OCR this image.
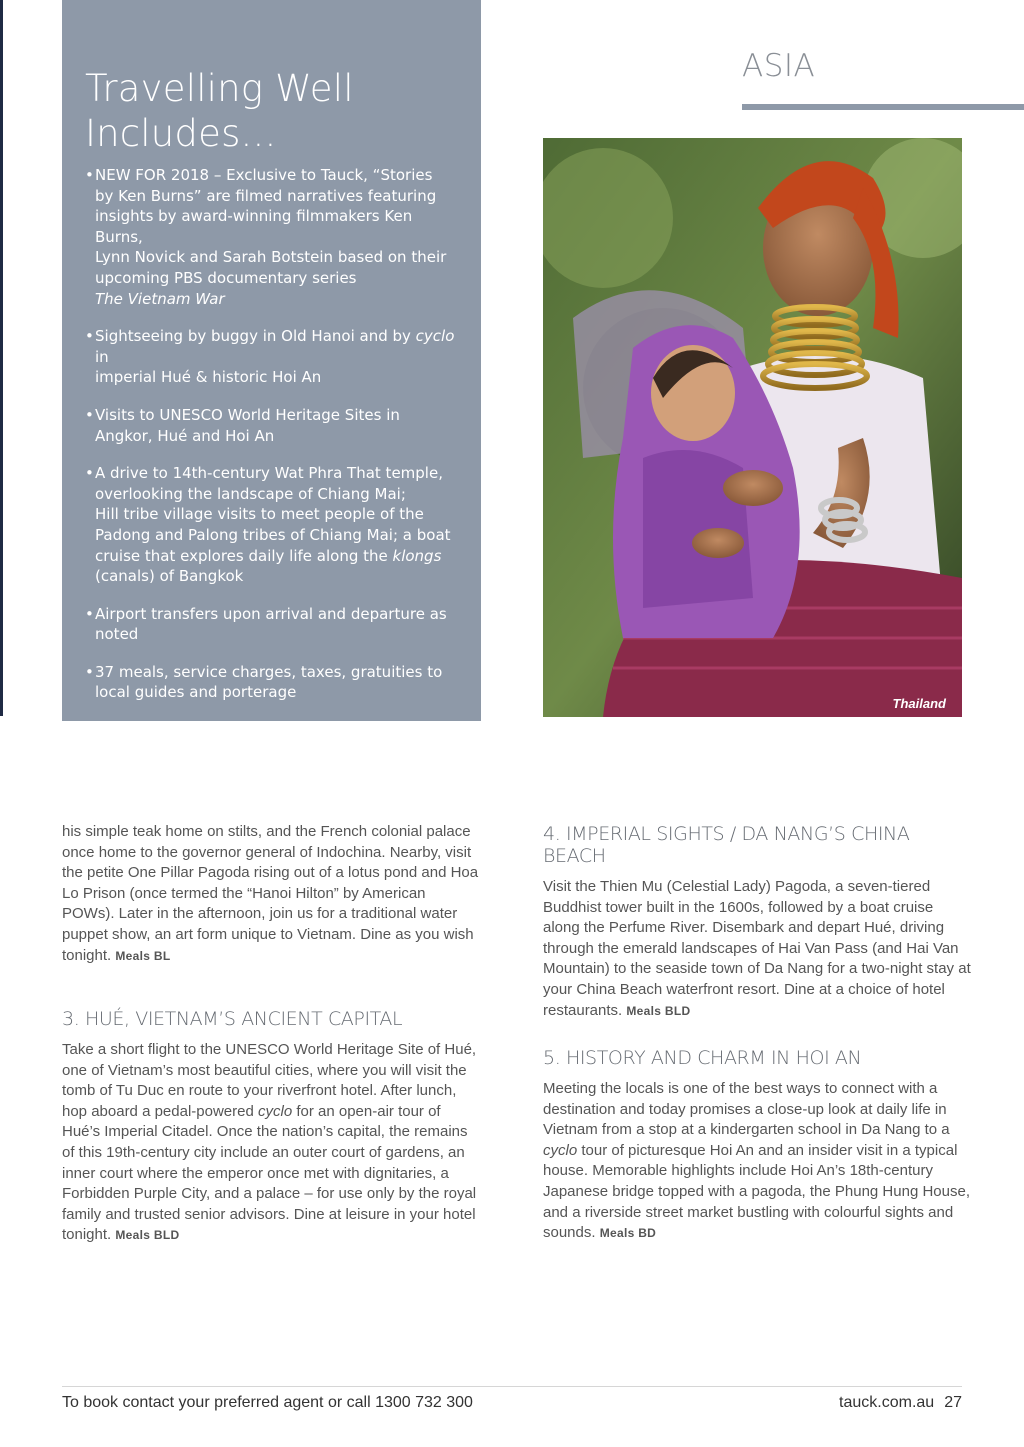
Travelling Well
Includes...
• NEW FOR 2018 – Exclusive to Tauck, “Stories
by Ken Burns” are filmed narratives featuring
insights by award-winning filmmakers Ken Burns,
Lynn Novick and Sarah Botstein based on their
upcoming PBS documentary series
The Vietnam War
• Sightseeing by buggy in Old Hanoi and by cyclo in
imperial Hué & historic Hoi An
• Visits to UNESCO World Heritage Sites in
Angkor, Hué and Hoi An
• A drive to 14th-century Wat Phra That temple,
overlooking the landscape of Chiang Mai;
Hill tribe village visits to meet people of the
Padong and Palong tribes of Chiang Mai; a boat
cruise that explores daily life along the klongs
(canals) of Bangkok
• Airport transfers upon arrival and departure as
noted
• 37 meals, service charges, taxes, gratuities to
local guides and porterage
ASIA
Thailand

his simple teak home on stilts, and the French colonial palace once home to the governor general of Indochina. Nearby, visit the petite One Pillar Pagoda rising out of a lotus pond and Hoa Lo Prison (once termed the “Hanoi Hilton” by American POWs). Later in the afternoon, join us for a traditional water puppet show, an art form unique to Vietnam. Dine as you wish tonight. Meals BL

3. HUÉ, VIETNAM’S ANCIENT CAPITAL

Take a short flight to the UNESCO World Heritage Site of Hué, one of Vietnam’s most beautiful cities, where you will visit the tomb of Tu Duc en route to your riverfront hotel. After lunch, hop aboard a pedal-powered cyclo for an open-air tour of Hué’s Imperial Citadel. Once the nation’s capital, the remains of this 19th-century city include an outer court of gardens, an inner court where the emperor once met with dignitaries, a Forbidden Purple City, and a palace – for use only by the royal family and trusted senior advisors. Dine at leisure in your hotel tonight. Meals BLD

4. IMPERIAL SIGHTS / DA NANG’S CHINA BEACH

Visit the Thien Mu (Celestial Lady) Pagoda, a seven-tiered Buddhist tower built in the 1600s, followed by a boat cruise along the Perfume River. Disembark and depart Hué, driving through the emerald landscapes of Hai Van Pass (and Hai Van Mountain) to the seaside town of Da Nang for a two-night stay at your China Beach waterfront resort. Dine at a choice of hotel restaurants. Meals BLD

5. HISTORY AND CHARM IN HOI AN

Meeting the locals is one of the best ways to connect with a destination and today promises a close-up look at daily life in Vietnam from a stop at a kindergarten school in Da Nang to a cyclo tour of picturesque Hoi An and an insider visit in a typical house. Memorable highlights include Hoi An’s 18th-century Japanese bridge topped with a pagoda, the Phung Hung House, and a riverside street market bustling with colourful sights and sounds. Meals BD

To book contact your preferred agent or call 1300 732 300	tauck.com.au 27
